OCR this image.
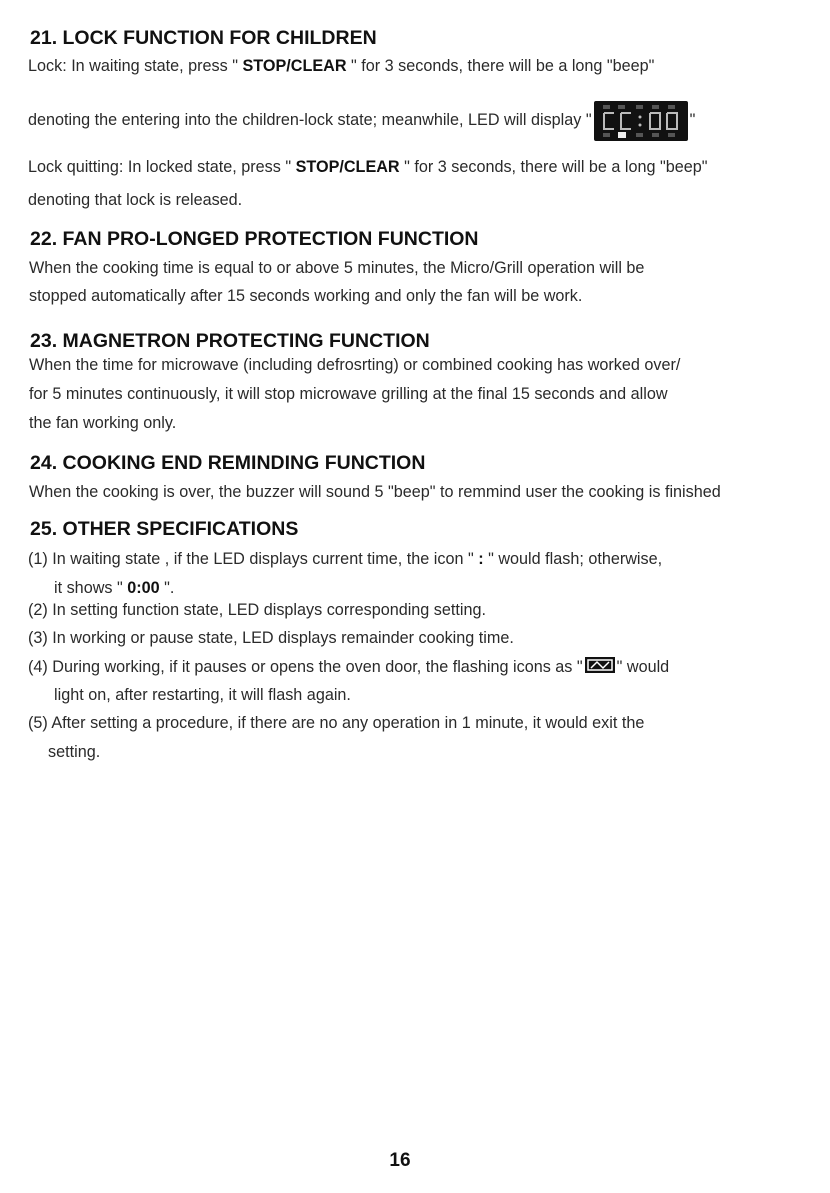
21. LOCK FUNCTION FOR CHILDREN

Lock: In waiting state, press " STOP/CLEAR " for 3 seconds, there will be a long "beep"

denoting the entering into the children-lock state; meanwhile, LED will display "	"

Lock quitting: In locked state, press " STOP/CLEAR " for 3 seconds, there will be a long "beep"

denoting that lock is released.

22. FAN PRO-LONGED PROTECTION FUNCTION

When the cooking time is equal to or above 5 minutes, the Micro/Grill operation will be

stopped automatically after 15 seconds working and only the fan will be work.

23. MAGNETRON PROTECTING FUNCTION

When the time for microwave (including defrosrting) or combined cooking has worked over/

for 5 minutes continuously, it will stop microwave grilling at the final 15 seconds and allow

the fan working only.

24. COOKING END REMINDING FUNCTION

When the cooking is over, the buzzer will sound 5 "beep" to remmind user the cooking is finished

25. OTHER SPECIFICATIONS

(1) In waiting state , if the LED displays current time, the icon " : " would flash; otherwise,

it shows " 0:00 ".

(2) In setting function state, LED displays corresponding setting.

(3) In working or pause state, LED displays remainder cooking time.

(4) During working, if it pauses or opens the oven door, the flashing icons as " " would

light on, after restarting, it will flash again.

(5) After setting a procedure, if there are no any operation in 1 minute, it would exit the

setting.

16
